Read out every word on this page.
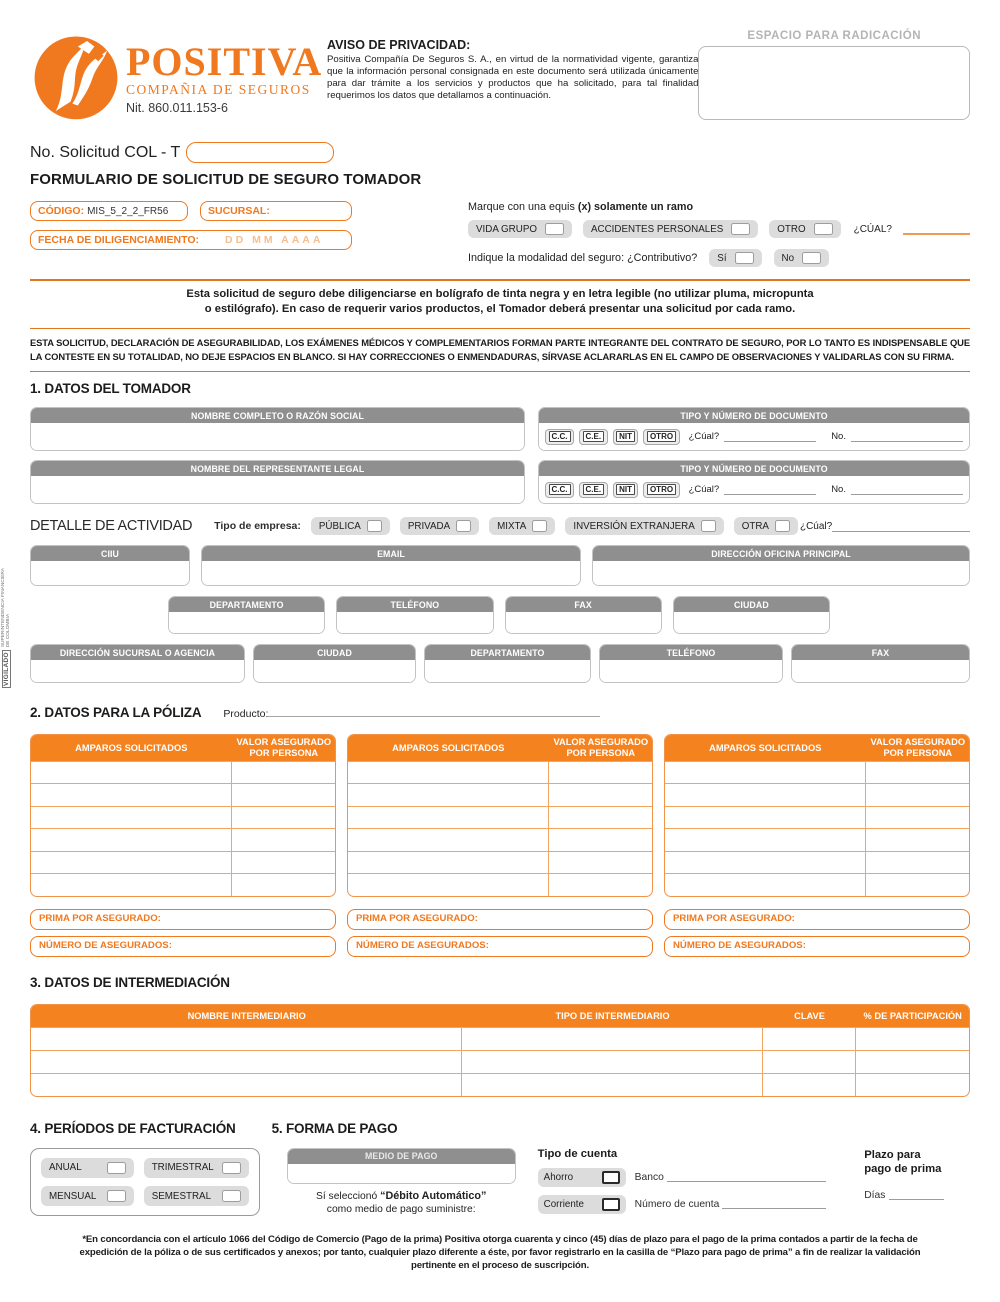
POSITIVA
COMPAÑIA DE SEGUROS
Nit. 860.011.153-6
AVISO DE PRIVACIDAD:
Positiva Compañía De Seguros S. A., en virtud de la normatividad vigente, garantiza que la información personal consignada en este documento será utilizada únicamente para dar trámite a los servicios y productos que ha solicitado, para tal finalidad requerimos los datos que detallamos a continuación.
ESPACIO PARA RADICACIÓN
No. Solicitud COL - T
FORMULARIO DE SOLICITUD DE SEGURO TOMADOR
CÓDIGO: MIS_5_2_2_FR56	SUCURSAL:
FECHA DE DILIGENCIAMIENTO: DD MM AAAA
Marque con una equis (x) solamente un ramo
VIDA GRUPO	ACCIDENTES PERSONALES	OTRO	¿CÚAL?
Indique la modalidad del seguro: ¿Contributivo? Sí	No
Esta solicitud de seguro debe diligenciarse en bolígrafo de tinta negra y en letra legible (no utilizar pluma, micropunta
o estilógrafo). En caso de requerir varios productos, el Tomador deberá presentar una solicitud por cada ramo.
ESTA SOLICITUD, DECLARACIÓN DE ASEGURABILIDAD, LOS EXÁMENES MÉDICOS Y COMPLEMENTARIOS FORMAN PARTE INTEGRANTE DEL CONTRATO DE SEGURO, POR LO TANTO ES INDISPENSABLE QUE LA CONTESTE EN SU TOTALIDAD, NO DEJE ESPACIOS EN BLANCO. SI HAY CORRECCIONES O ENMENDADURAS, SÍRVASE ACLARARLAS EN EL CAMPO DE OBSERVACIONES Y VALIDARLAS CON SU FIRMA.
VIGILADO
SUPERINTENDENCIA FINANCIERA DE COLOMBIA
1. DATOS DEL TOMADOR
NOMBRE COMPLETO O RAZÓN SOCIAL	TIPO Y NÚMERO DE DOCUMENTO
C.C.	C.E.	NIT	OTRO	¿Cúal?	No.
NOMBRE DEL REPRESENTANTE LEGAL	TIPO Y NÚMERO DE DOCUMENTO
C.C.	C.E.	NIT	OTRO	¿Cúal?	No.
DETALLE DE ACTIVIDAD Tipo de empresa: PÚBLICA	PRIVADA	MIXTA	INVERSIÓN EXTRANJERA	OTRA	¿Cúal?
CIIU	EMAIL	DIRECCIÓN OFICINA PRINCIPAL
DEPARTAMENTO	TELÉFONO	FAX	CIUDAD
DIRECCIÓN SUCURSAL O AGENCIA	CIUDAD	DEPARTAMENTO	TELÉFONO	FAX
2. DATOS PARA LA PÓLIZA Producto:
AMPAROS SOLICITADOS
VALOR ASEGURADO
POR PERSONA	AMPAROS SOLICITADOS
VALOR ASEGURADO
POR PERSONA	AMPAROS SOLICITADOS
VALOR ASEGURADO
POR PERSONA
PRIMA POR ASEGURADO:
NÚMERO DE ASEGURADOS:
PRIMA POR ASEGURADO:
NÚMERO DE ASEGURADOS:
PRIMA POR ASEGURADO:
NÚMERO DE ASEGURADOS:
3. DATOS DE INTERMEDIACIÓN
NOMBRE INTERMEDIARIO	TIPO DE INTERMEDIARIO	CLAVE	% DE PARTICIPACIÓN
4. PERÍODOS DE FACTURACIÓN	5. FORMA DE PAGO
ANUAL	TRIMESTRAL
MENSUAL	SEMESTRAL
MEDIO DE PAGO
Sí seleccionó “Débito Automático”
como medio de pago suministre:
Tipo de cuenta
Ahorro	Banco
Corriente	Número de cuenta
Plazo para
pago de prima
Días
*En concordancia con el artículo 1066 del Código de Comercio (Pago de la prima) Positiva otorga cuarenta y cinco (45) días de plazo para el pago de la prima contados a partir de la fecha de expedición de la póliza o de sus certificados y anexos; por tanto, cualquier plazo diferente a éste, por favor registrarlo en la casilla de “Plazo para pago de prima” a fin de realizar la validación pertinente en el proceso de suscripción.
